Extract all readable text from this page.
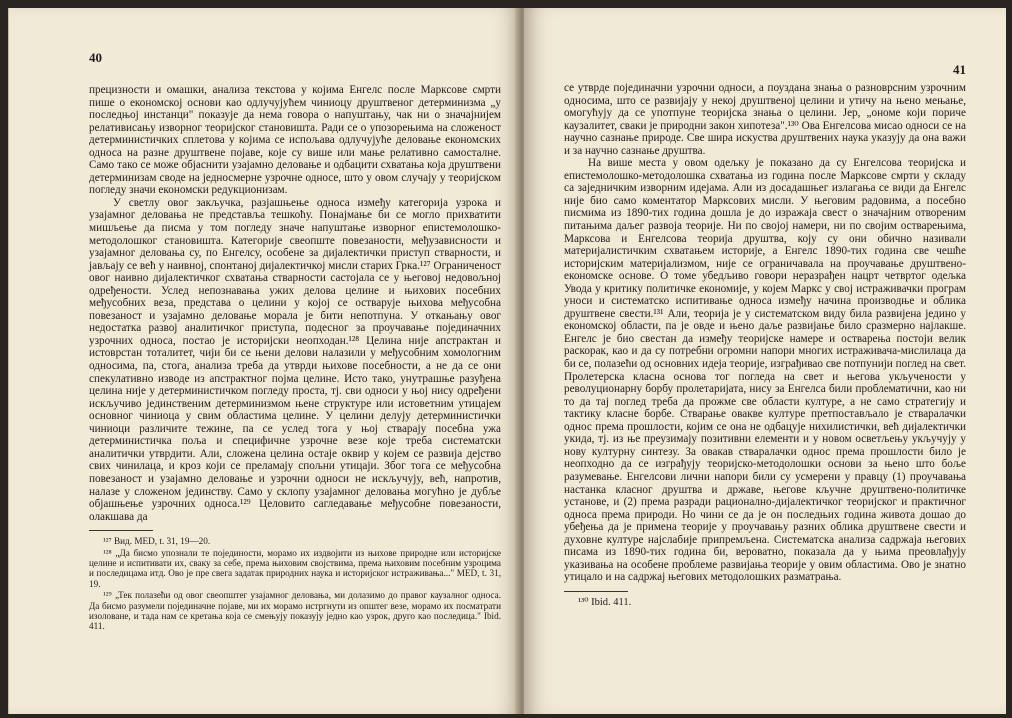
40

прецизности и омашки, анализа текстова у којима Енгелс после Марксове смрти пише о економској основи као одлучујућем чиниоцу друштвеног детерминизма „у последњој инстанци" показује да нема говора о напуштању, чак ни о значајнијем релативисању изворног теоријског становишта. Ради се о упозорењима на сложеност детерминистичких сплетова у којима се испољава одлучујуће деловање економских односа на разне друштвене појаве, које су више или мање релативно самосталне. Само тако се може објаснити узајамно деловање и одбацити схватања која друштвени детерминизам своде на једносмерне узрочне односе, што у овом случају у теоријском погледу значи економски редукционизам.

У светлу овог закључка, разјашњење односа између категорија узрока и узајамног деловања не представља тешкоћу. Понајмање би се могло прихватити мишљење да писма у том погледу значе напуштање изворног епистемолошко-методолошког становишта. Категорије свеопште повезаности, међузависности и узајамног деловања су, по Енгелсу, особене за дијалектички приступ стварности, и јављају се већ у наивној, спонтаној дијалектичкој мисли старих Грка.¹²⁷ Ограниченост овог наивно дијалектичког схватања стварности састојала се у његовој недовољној одређености. Услед непознавања ужих делова целине и њихових посебних међусобних веза, представа о целини у којој се остварује њихова међусобна повезаност и узајамно деловање морала је бити непотпуна. У откањању овог недостатка развој аналитичког приступа, подесног за проучавање појединачних узрочних односа, постао је историјски неопходан.¹²⁸ Целина није апстрактан и истоврстан тоталитет, чији би се њени делови налазили у међусобним хомологним односима, па, стога, анализа треба да утврди њихове посебности, а не да се они спекулативно изводе из апстрактног појма целине. Исто тако, унутрашње разуђена целина није у детерминистичком погледу проста, тј. сви односи у њој нису одређени искључиво јединственим детерминизмом њене структуре или истоветним утицајем основног чиниоца у свим областима целине. У целини делују детерминистички чиниоци различите тежине, па се услед тога у њој стварају посебна ужа детерминистичка поља и специфичне узрочне везе које треба систематски аналитички утврдити. Али, сложена целина остаје оквир у којем се развија дејство свих чинилаца, и кроз који се преламају спољни утицаји. Због тога се међусобна повезаност и узајамно деловање и узрочни односи не искључују, већ, напротив, налазе у сложеном јединству. Само у склопу узајамног деловања могућно је дубље објашњење узрочних односа.¹²⁹ Целовито сагледавање међусобне повезаности, олакшава да

¹²⁷ Вид. MED, t. 31, 19—20.

¹²⁸ „Да бисмо упознали те појединости, морамо их издвојити из њихове природне или историјске целине и испитивати их, сваку за себе, према њиховим својствима, према њиховим посебним узроцима и последицама итд. Ово је пре свега задатак природних наука и историјског истраживања..." MED, t. 31, 19.

¹²⁹ „Тек полазећи од овог свеопштег узајамног деловања, ми долазимо до правог каузалног односа. Да бисмо разумели појединачне појаве, ми их морамо истргнути из општег везе, морамо их посматрати изоловане, и тада нам се кретања која се смењују показују једно као узрок, друго као последица." Ibid. 411.

41

се утврде појединачни узрочни односи, а поуздана знања о разноврсним узрочним односима, што се развијају у некој друштвеној целини и утичу на њено мењање, омогућују да се употпуне теоријска знања о целини. Јер, „ономе који пориче каузалитет, свaки је природни закон хипотеза".¹³⁰ Ова Енгелсова мисао односи се на научно сазнање природе. Све шира искуства друштвених наука указују да она важи и за научно сазнање друштва.

На више места у овом одељку је показано да су Енгелсова теоријска и епистемолошко-методолошка схватања из година после Марксове смрти у складу са заједничким изворним идејама. Али из досадашњег излагања се види да Енгелс није био само коментатор Марксових мисли. У његовим радовима, а посебно писмима из 1890-тих година дошла је до изражаја свест о значајним отвореним питањима даљег развоја теорије. Ни по својој намери, ни по својим остварењима, Марксова и Енгелсова теорија друштва, коју су они обично називали материјалистичким схватањем историје, а Енгелс 1890-тих година све чешће историјским материјализмом, није се ограничавала на проучавање друштвено-економске основе. О томе убедљиво говори неразрађен нацрт четвртог одељка Увода у критику политичке економије, у којем Маркс у свој истраживачки програм уноси и систематско испитивање односа између начина производње и облика друштвене свести.¹³¹ Али, теорија је у систематском виду била развијена једино у економској области, па је овде и њено даље развијање било сразмерно најлакше. Енгелс је био свестан да између теоријске намере и остварења постоји велик раскорак, као и да су потребни огромни напори многих истраживача-мислилаца да би се, полазећи од основних идеја теорије, изграђивао све потпунији поглед на свет. Пролетерска класна основа тог погледа на свет и његова укључености у револуционарну борбу пролетаријата, нису за Енгелса били проблематични, као ни то да тај поглед треба да прожме све области културе, а не само стратегију и тактику класне борбе. Стварање овакве културе претпостављало је стваралачки однос према прошлости, којим се она не одбацује нихилистички, већ дијалектички укида, тј. из ње преузимају позитивни елементи и у новом осветљењу укључују у нову културну синтезу. За овакав стваралачки однос према прошлости било је неопходно да се изграђују теоријско-методолошки основи за њено што боље разумевање. Енгелсови лични напори били су усмерени у правцу (1) проучавања настанка класног друштва и државе, његове кључне друштвено-политичке установе, и (2) према разради рационално-дијалектичког теоријског и практичног односа према природи. Но чини се да је он последњих година живота дошао до убеђења да је примена теорије у проучавању разних облика друштвене свести и духовне културе најслабије припремљена. Систематска анализа садржаја његових писама из 1890-тих година би, вероватно, показала да у њима преовлађују указивања на особене проблеме развијања теорије у овим областима. Ово је знатно утицало и на садржај његових методолошких разматрања.

¹³⁰ Ibid. 411.
